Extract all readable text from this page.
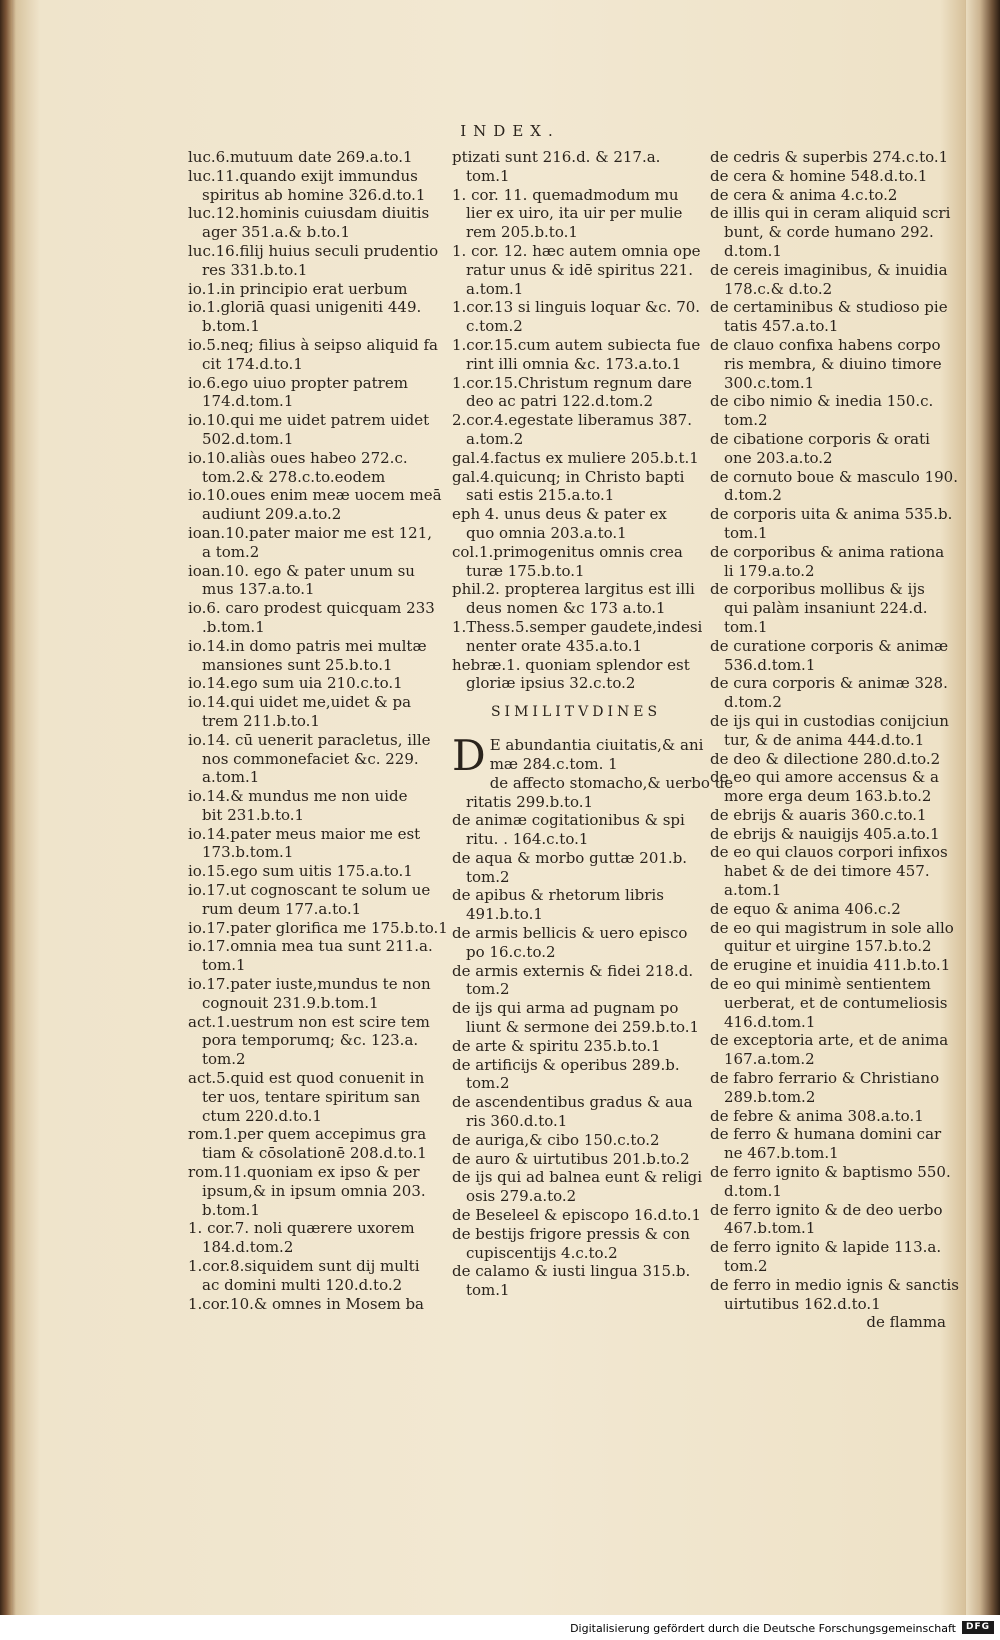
INDEX.
luc.6.mutuum date 269.a.to.1
luc.11.quando exijt immundus
spiritus ab homine 326.d.to.1
luc.12.hominis cuiusdam diuitis
ager 351.a.& b.to.1
luc.16.filij huius seculi prudentio
res 331.b.to.1
io.1.in principio erat uerbum
io.1.gloriā quasi unigeniti 449.
b.tom.1
io.5.neq; filius à seipso aliquid fa
cit 174.d.to.1
io.6.ego uiuo propter patrem
174.d.tom.1
io.10.qui me uidet patrem uidet
502.d.tom.1
io.10.aliàs oues habeo 272.c.
tom.2.& 278.c.to.eodem
io.10.oues enim meæ uocem meā
audiunt 209.a.to.2
ioan.10.pater maior me est 121,
a tom.2
ioan.10. ego & pater unum su
mus 137.a.to.1
io.6. caro prodest quicquam 233
.b.tom.1
io.14.in domo patris mei multæ
mansiones sunt 25.b.to.1
io.14.ego sum uia 210.c.to.1
io.14.qui uidet me,uidet & pa
trem 211.b.to.1
io.14. cū uenerit paracletus, ille
nos commonefaciet &c. 229.
a.tom.1
io.14.& mundus me non uide
bit 231.b.to.1
io.14.pater meus maior me est
173.b.tom.1
io.15.ego sum uitis 175.a.to.1
io.17.ut cognoscant te solum ue
rum deum 177.a.to.1
io.17.pater glorifica me 175.b.to.1
io.17.omnia mea tua sunt 211.a.
tom.1
io.17.pater iuste,mundus te non
cognouit 231.9.b.tom.1
act.1.uestrum non est scire tem
pora temporumq; &c. 123.a.
tom.2
act.5.quid est quod conuenit in
ter uos, tentare spiritum san
ctum 220.d.to.1
rom.1.per quem accepimus gra
tiam & cōsolationē 208.d.to.1
rom.11.quoniam ex ipso & per
ipsum,& in ipsum omnia 203.
b.tom.1
1. cor.7. noli quærere uxorem
184.d.tom.2
1.cor.8.siquidem sunt dij multi
ac domini multi 120.d.to.2
1.cor.10.& omnes in Mosem ba
ptizati sunt 216.d. & 217.a.
tom.1
1. cor. 11. quemadmodum mu
lier ex uiro, ita uir per mulie
rem 205.b.to.1
1. cor. 12. hæc autem omnia ope
ratur unus & idē spiritus 221.
a.tom.1
1.cor.13 si linguis loquar &c. 70.
c.tom.2
1.cor.15.cum autem subiecta fue
rint illi omnia &c. 173.a.to.1
1.cor.15.Christum regnum dare
deo ac patri 122.d.tom.2
2.cor.4.egestate liberamus 387.
a.tom.2
gal.4.factus ex muliere 205.b.t.1
gal.4.quicunq; in Christo bapti
sati estis 215.a.to.1
eph 4. unus deus & pater ex
quo omnia 203.a.to.1
col.1.primogenitus omnis crea
turæ 175.b.to.1
phil.2. propterea largitus est illi
deus nomen &c 173 a.to.1
1.Thess.5.semper gaudete,indesi
nenter orate 435.a.to.1
hebræ.1. quoniam splendor est
gloriæ ipsius 32.c.to.2
SIMILITVDINES
D E abundantia ciuitatis,& ani
mæ 284.c.tom. 1
de affecto stomacho,& uerbo ue
ritatis 299.b.to.1
de animæ cogitationibus & spi
ritu. . 164.c.to.1
de aqua & morbo guttæ 201.b.
tom.2
de apibus & rhetorum libris
491.b.to.1
de armis bellicis & uero episco
po 16.c.to.2
de armis externis & fidei 218.d.
tom.2
de ijs qui arma ad pugnam po
liunt & sermone dei 259.b.to.1
de arte & spiritu 235.b.to.1
de artificijs & operibus 289.b.
tom.2
de ascendentibus gradus & aua
ris 360.d.to.1
de auriga,& cibo 150.c.to.2
de auro & uirtutibus 201.b.to.2
de ijs qui ad balnea eunt & religi
osis 279.a.to.2
de Beseleel & episcopo 16.d.to.1
de bestijs frigore pressis & con
cupiscentijs 4.c.to.2
de calamo & iusti lingua 315.b.
tom.1
de cedris & superbis 274.c.to.1
de cera & homine 548.d.to.1
de cera & anima 4.c.to.2
de illis qui in ceram aliquid scri
bunt, & corde humano 292.
d.tom.1
de cereis imaginibus, & inuidia
178.c.& d.to.2
de certaminibus & studioso pie
tatis 457.a.to.1
de clauo confixa habens corpo
ris membra, & diuino timore
300.c.tom.1
de cibo nimio & inedia 150.c.
tom.2
de cibatione corporis & orati
one 203.a.to.2
de cornuto boue & masculo 190.
d.tom.2
de corporis uita & anima 535.b.
tom.1
de corporibus & anima rationa
li 179.a.to.2
de corporibus mollibus & ijs
qui palàm insaniunt 224.d.
tom.1
de curatione corporis & animæ
536.d.tom.1
de cura corporis & animæ 328.
d.tom.2
de ijs qui in custodias conijciun
tur, & de anima 444.d.to.1
de deo & dilectione 280.d.to.2
de eo qui amore accensus & a
more erga deum 163.b.to.2
de ebrijs & auaris 360.c.to.1
de ebrijs & nauigijs 405.a.to.1
de eo qui clauos corpori infixos
habet & de dei timore 457.
a.tom.1
de equo & anima 406.c.2
de eo qui magistrum in sole allo
quitur et uirgine 157.b.to.2
de erugine et inuidia 411.b.to.1
de eo qui minimè sentientem
uerberat, et de contumeliosis
416.d.tom.1
de exceptoria arte, et de anima
167.a.tom.2
de fabro ferrario & Christiano
289.b.tom.2
de febre & anima 308.a.to.1
de ferro & humana domini car
ne 467.b.tom.1
de ferro ignito & baptismo 550.
d.tom.1
de ferro ignito & de deo uerbo
467.b.tom.1
de ferro ignito & lapide 113.a.
tom.2
de ferro in medio ignis & sanctis
uirtutibus 162.d.to.1
de flamma
Digitalisierung gefördert durch die Deutsche Forschungsgemeinschaft	DFG
